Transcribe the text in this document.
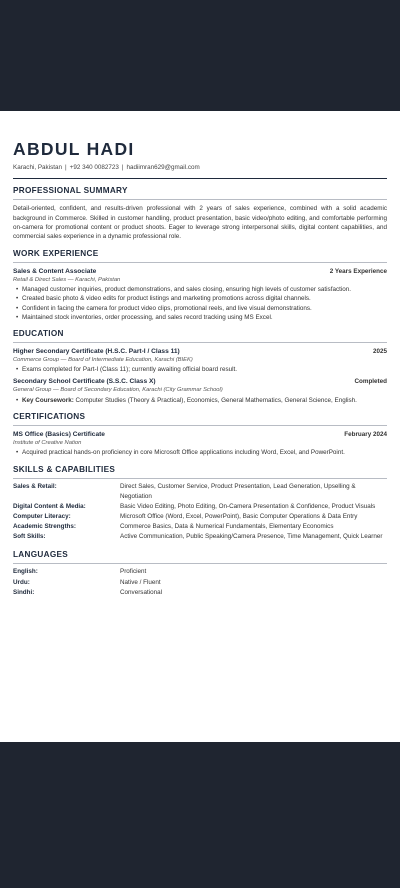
ABDUL HADI
Karachi, Pakistan | +92 340 0082723 | hadiimran629@gmail.com
PROFESSIONAL SUMMARY
Detail-oriented, confident, and results-driven professional with 2 years of sales experience, combined with a solid academic background in Commerce. Skilled in customer handling, product presentation, basic video/photo editing, and comfortable performing on-camera for promotional content or product shoots. Eager to leverage strong interpersonal skills, digital content capabilities, and commercial sales experience in a dynamic professional role.
WORK EXPERIENCE
Sales & Content Associate	2 Years Experience
Retail & Direct Sales — Karachi, Pakistan
• Managed customer inquiries, product demonstrations, and sales closing, ensuring high levels of customer satisfaction.
• Created basic photo & video edits for product listings and marketing promotions across digital channels.
• Confident in facing the camera for product video clips, promotional reels, and live visual demonstrations.
• Maintained stock inventories, order processing, and sales record tracking using MS Excel.
EDUCATION
Higher Secondary Certificate (H.S.C. Part-I / Class 11)	2025
Commerce Group — Board of Intermediate Education, Karachi (BIEK)
• Exams completed for Part-I (Class 11); currently awaiting official board result.
Secondary School Certificate (S.S.C. Class X)	Completed
General Group — Board of Secondary Education, Karachi (City Grammar School)
• Key Coursework: Computer Studies (Theory & Practical), Economics, General Mathematics, General Science, English.
CERTIFICATIONS
MS Office (Basics) Certificate	February 2024
Institute of Creative Nation
• Acquired practical hands-on proficiency in core Microsoft Office applications including Word, Excel, and PowerPoint.
SKILLS & CAPABILITIES
Sales & Retail:	Direct Sales, Customer Service, Product Presentation, Lead Generation, Upselling & Negotiation
Digital Content & Media:	Basic Video Editing, Photo Editing, On-Camera Presentation & Confidence, Product Visuals
Computer Literacy:	Microsoft Office (Word, Excel, PowerPoint), Basic Computer Operations & Data Entry
Academic Strengths:	Commerce Basics, Data & Numerical Fundamentals, Elementary Economics
Soft Skills:	Active Communication, Public Speaking/Camera Presence, Time Management, Quick Learner
LANGUAGES
English:	Proficient
Urdu:	Native / Fluent
Sindhi:	Conversational
